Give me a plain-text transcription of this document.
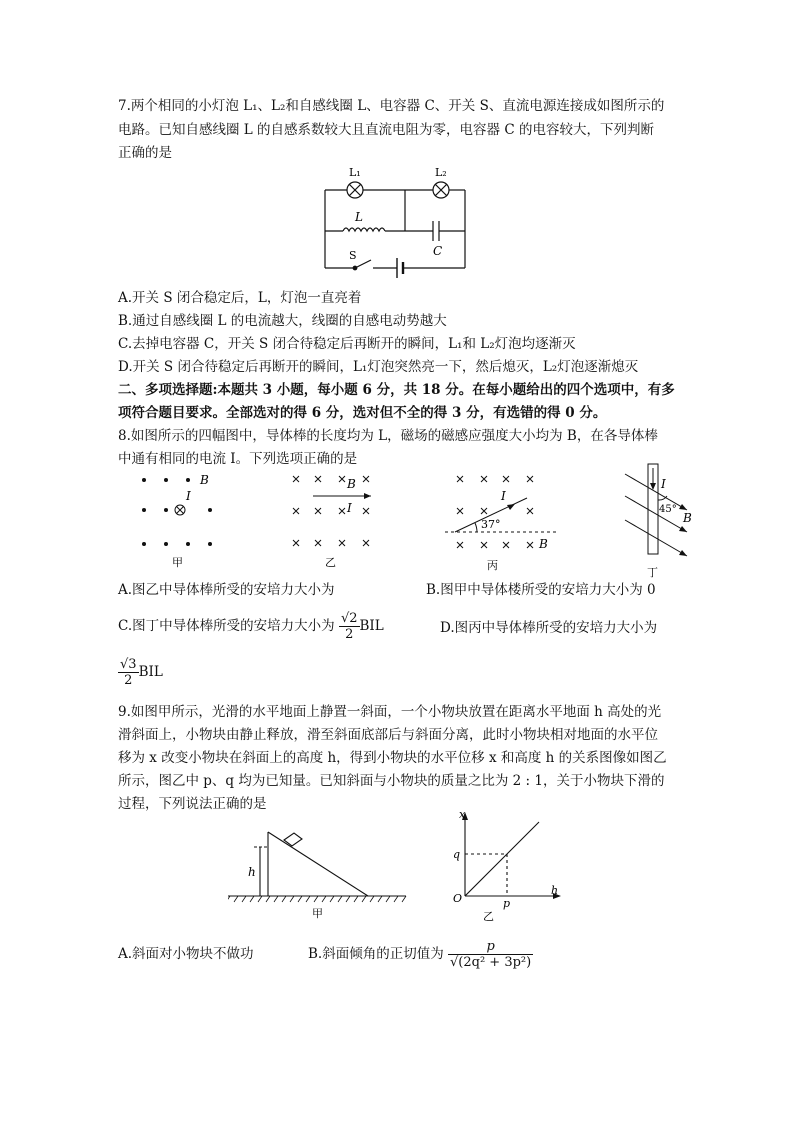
7.两个相同的小灯泡 L₁、L₂和自感线圈 L、电容器 C、开关 S、直流电源连接成如图所示的
电路。已知自感线圈 L 的自感系数较大且直流电阻为零，电容器 C 的电容较大，下列判断
正确的是
L₁	L₂
L
C
S
A.开关 S 闭合稳定后，L，灯泡一直亮着
B.通过自感线圈 L 的电流越大，线圈的自感电动势越大
C.去掉电容器 C，开关 S 闭合待稳定后再断开的瞬间，L₁和 L₂灯泡均逐渐灭
D.开关 S 闭合待稳定后再断开的瞬间，L₁灯泡突然亮一下，然后熄灭，L₂灯泡逐渐熄灭
二、多项选择题:本题共 3 小题，每小题 6 分，共 18 分。在每小题给出的四个选项中，有多
项符合题目要求。全部选对的得 6 分，选对但不全的得 3 分，有选错的得 0 分。
8.如图所示的四幅图中，导体棒的长度均为 L，磁场的磁感应强度大小均为 B，在各导体棒
中通有相同的电流 I。下列选项正确的是
B
I
甲
B
I
乙
I
37°
B
丙
I
45°
B
丁
A.图乙中导体棒所受的安培力大小为	B.图甲中导体楼所受的安培力大小为 0
C.图丁中导体棒所受的安培力大小为 $\frac{√2}{2}$ BIL	D.图丙中导体棒所受的安培力大小为
$\frac{√3}{2}$ BIL
9.如图甲所示，光滑的水平地面上静置一斜面，一个小物块放置在距离水平地面 h 高处的光
滑斜面上，小物块由静止释放，滑至斜面底部后与斜面分离，此时小物块相对地面的水平位
移为 x 改变小物块在斜面上的高度 h，得到小物块的水平位移 x 和高度 h 的关系图像如图乙
所示，图乙中 p、q 均为已知量。已知斜面与小物块的质量之比为 2 : 1，关于小物块下滑的
过程，下列说法正确的是
h
甲
x
h
O
q
p
乙
A.斜面对小物块不做功	B.斜面倾角的正切值为 $\frac{p}{\text{√(2q² + 3p²)}}$
